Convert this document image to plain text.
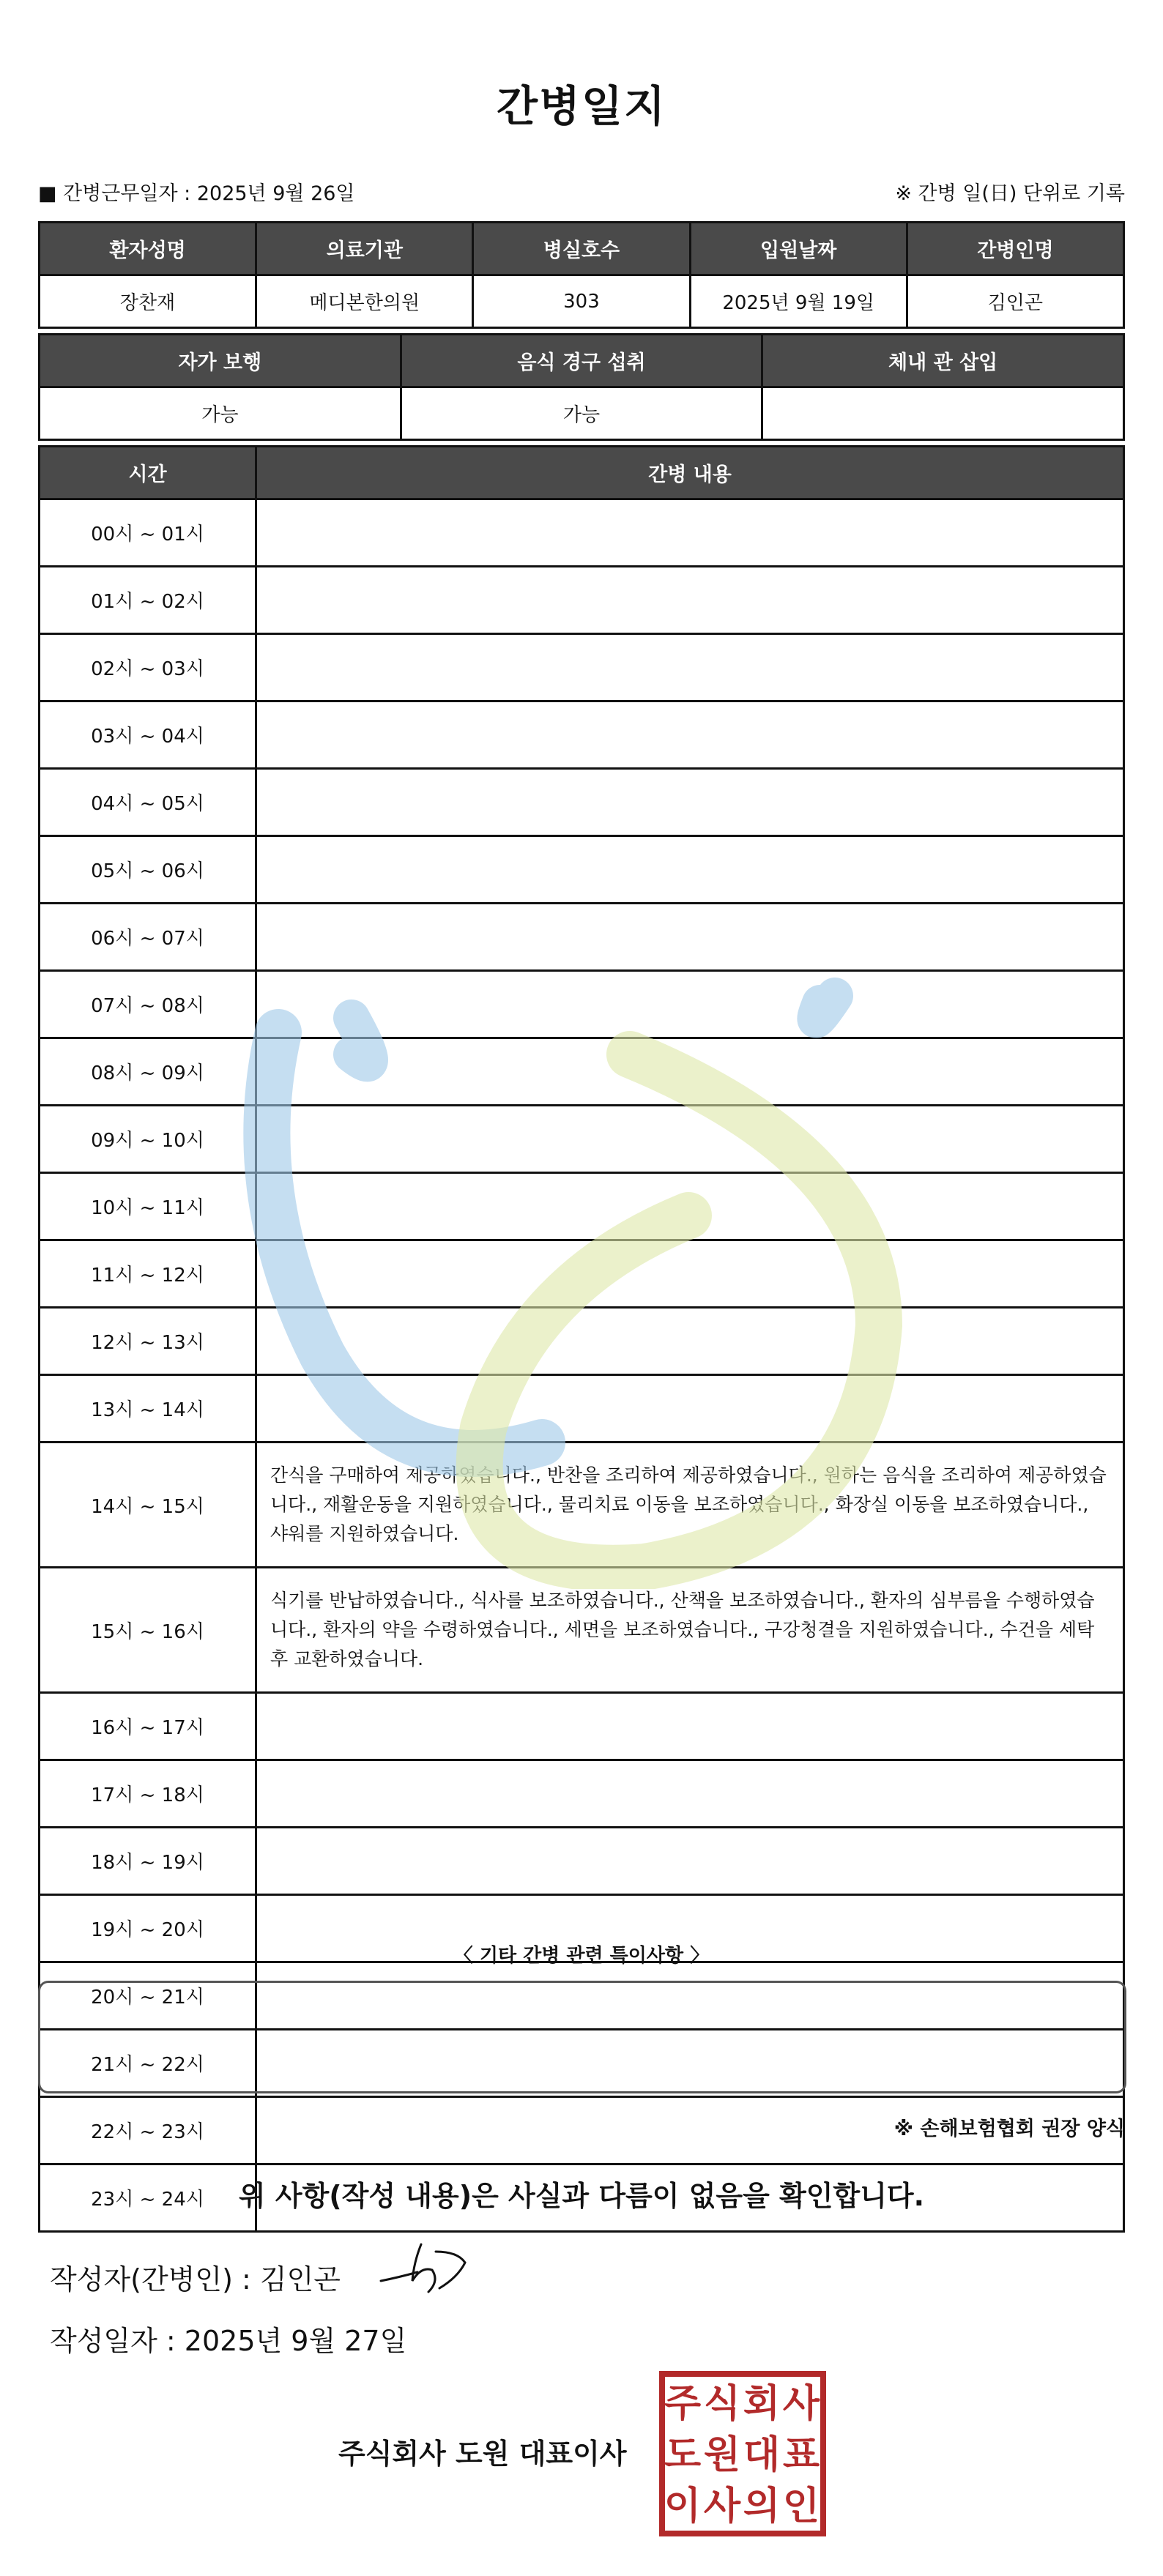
간병일지
■ 간병근무일자 : 2025년 9월 26일	※ 간병 일(日) 단위로 기록
환자성명	의료기관	병실호수	입원날짜	간병인명
장찬재	메디본한의원	303	2025년 9월 19일	김인곤
자가 보행	음식 경구 섭취	체내 관 삽입
가능	가능	
시간	간병 내용
00시 ~ 01시	
01시 ~ 02시	
02시 ~ 03시	
03시 ~ 04시	
04시 ~ 05시	
05시 ~ 06시	
06시 ~ 07시	
07시 ~ 08시	
08시 ~ 09시	
09시 ~ 10시	
10시 ~ 11시	
11시 ~ 12시	
12시 ~ 13시	
13시 ~ 14시	
14시 ~ 15시	간식을 구매하여 제공하였습니다., 반찬을 조리하여 제공하였습니다., 원하는 음식을 조리하여 제공하였습니다., 재활운동을 지원하였습니다., 물리치료 이동을 보조하였습니다., 화장실 이동을 보조하였습니다., 샤워를 지원하였습니다.
15시 ~ 16시	식기를 반납하였습니다., 식사를 보조하였습니다., 산책을 보조하였습니다., 환자의 심부름을 수행하였습니다., 환자의 약을 수령하였습니다., 세면을 보조하였습니다., 구강청결을 지원하였습니다., 수건을 세탁 후 교환하였습니다.
16시 ~ 17시	
17시 ~ 18시	
18시 ~ 19시	
19시 ~ 20시	
20시 ~ 21시	
21시 ~ 22시	
22시 ~ 23시	
23시 ~ 24시	
〈 기타 간병 관련 특이사항 〉
※ 손해보험협회 권장 양식
위 사항(작성 내용)은 사실과 다름이 없음을 확인합니다.
작성자(간병인) : 김인곤
작성일자 : 2025년 9월 27일
주식회사 도원 대표이사
주 식 회 사
도 원 대 표
이 사 의 인
